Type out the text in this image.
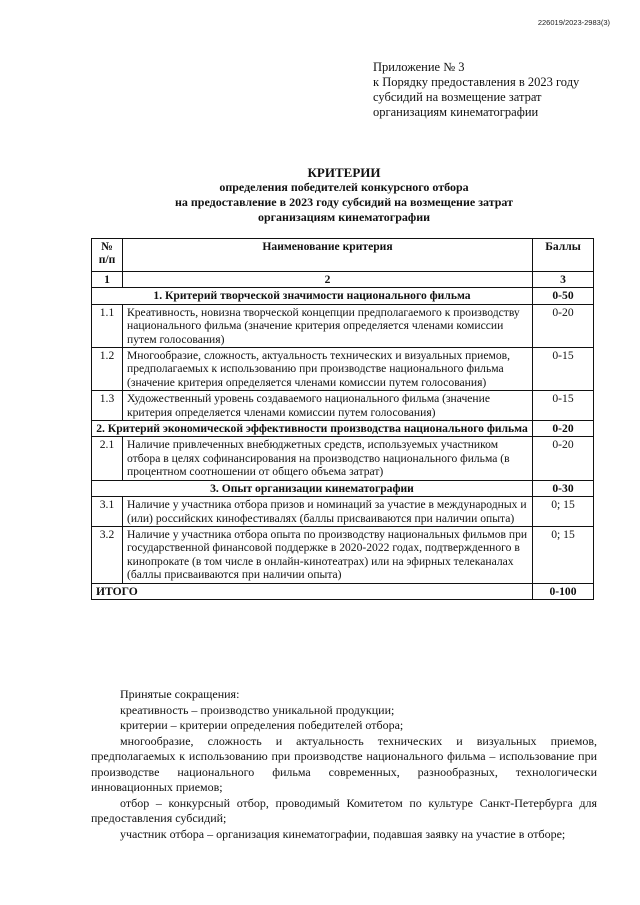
226019/2023-2983(3)
Приложение № 3
к Порядку предоставления в 2023 году
субсидий на возмещение затрат
организациям кинематографии
КРИТЕРИИ
определения победителей конкурсного отбора
на предоставление в 2023 году субсидий на возмещение затрат
организациям кинематографии
№
п/п	Наименование критерия	Баллы
1	2	3
1. Критерий творческой значимости национального фильма		0-50
1.1	Креативность, новизна творческой концепции предполагаемого к производству национального фильма (значение критерия определяется членами комиссии путем голосования)	0-20
1.2	Многообразие, сложность, актуальность технических и визуальных приемов, предполагаемых к использованию при производстве национального фильма (значение критерия определяется членами комиссии путем голосования)	0-15
1.3	Художественный уровень создаваемого национального фильма (значение критерия определяется членами комиссии путем голосования)	0-15
2. Критерий экономической эффективности производства национального фильма		0-20
2.1	Наличие привлеченных внебюджетных средств, используемых участником отбора в целях софинансирования на производство национального фильма (в процентном соотношении от общего объема затрат)	0-20
3. Опыт организации кинематографии		0-30
3.1	Наличие у участника отбора призов и номинаций за участие в международных и (или) российских кинофестивалях (баллы присваиваются при наличии опыта)	0; 15
3.2	Наличие у участника отбора опыта по производству национальных фильмов при государственной финансовой поддержке в 2020-2022 годах, подтвержденного в кинопрокате (в том числе в онлайн-кинотеатрах) или на эфирных телеканалах (баллы присваиваются при наличии опыта)	0; 15
ИТОГО		0-100

Принятые сокращения:

креативность – производство уникальной продукции;

критерии – критерии определения победителей отбора;

многообразие, сложность и актуальность технических и визуальных приемов, предполагаемых к использованию при производстве национального фильма – использование при производстве национального фильма современных, разнообразных, технологически инновационных приемов;

отбор – конкурсный отбор, проводимый Комитетом по культуре Санкт-Петербурга для предоставления субсидий;

участник отбора – организация кинематографии, подавшая заявку на участие в отборе;
